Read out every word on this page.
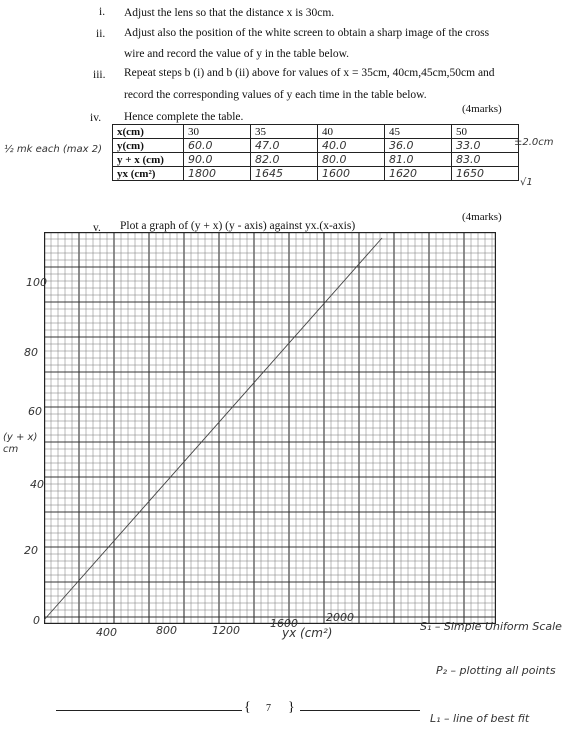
i. Adjust the lens so that the distance x is 30cm.
ii. Adjust also the position of the white screen to obtain a sharp image of the cross
wire and record the value of y in the table below.
iii. Repeat steps b (i) and b (ii) above for values of x = 35cm, 40cm,45cm,50cm and
record the corresponding values of y each time in the table below.
iv. Hence complete the table.
(4marks)
½ mk each (max 2)
x(cm)	30	35	40	45	50
y(cm)	60.0	47.0	40.0	36.0	33.0
y + x (cm)	90.0	82.0	80.0	81.0	83.0
yx (cm²)	1800	1645	1600	1620	1650
±2.0cm
√1
v. Plot a graph of (y + x) (y - axis) against yx.(x-axis)
(4marks)
100
80
60
40
20
0
(y + x) cm
400	800	1200
1600	2000
yx (cm²)	S₁ – Simple Uniform Scale
P₂ – plotting all points
L₁ – line of best fit
{ 7 }
